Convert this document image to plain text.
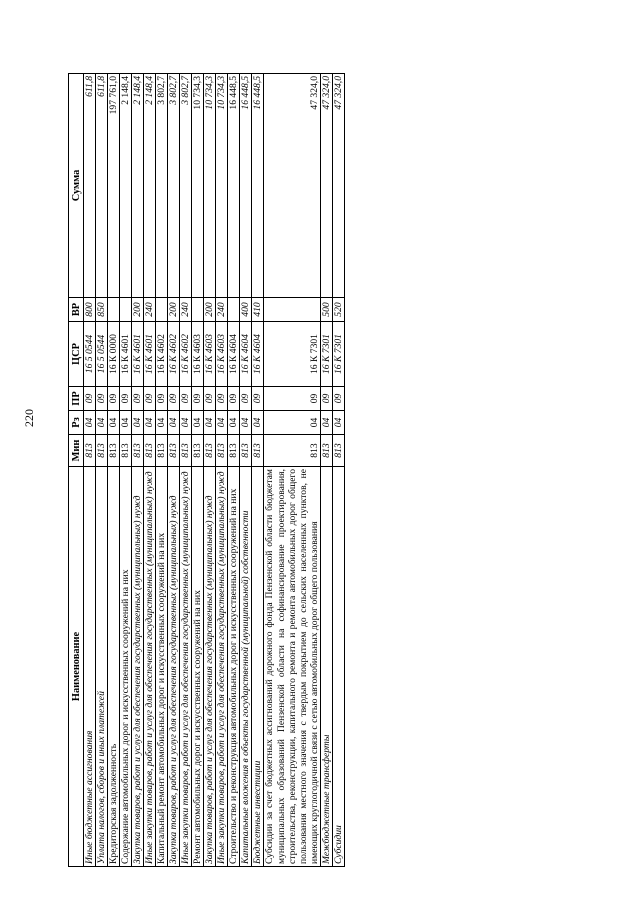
220
Наименование	Мин	Рз	ПР	ЦСР	ВР	Сумма
Иные бюджетные ассигнования	813	04	09	16 5 0544	800	611,8
Уплата налогов, сборов и иных платежей	813	04	09	16 5 0544	850	611,8
Кредиторская задолженность	813	04	09	16 К 0000		197 761,0
Содержание автомобильных дорог и искусственных сооружений на них	813	04	09	16 К 4601		2 148,4
Закупка товаров, работ и услуг для обеспечения государственных (муниципальных) нужд	813	04	09	16 К 4601	200	2 148,4
Иные закупки товаров, работ и услуг для обеспечения государственных (муниципальных) нужд	813	04	09	16 К 4601	240	2 148,4
Капитальный ремонт автомобильных дорог и искусственных сооружений на них	813	04	09	16 К 4602		3 802,7
Закупка товаров, работ и услуг для обеспечения государственных (муниципальных) нужд	813	04	09	16 К 4602	200	3 802,7
Иные закупки товаров, работ и услуг для обеспечения государственных (муниципальных) нужд	813	04	09	16 К 4602	240	3 802,7
Ремонт автомобильных дорог и искусственных сооружений на них	813	04	09	16 К 4603		10 734,3
Закупка товаров, работ и услуг для обеспечения государственных (муниципальных) нужд	813	04	09	16 К 4603	200	10 734,3
Иные закупки товаров, работ и услуг для обеспечения государственных (муниципальных) нужд	813	04	09	16 К 4603	240	10 734,3
Строительство и реконструкция автомобильных дорог и искусственных сооружений на них	813	04	09	16 К 4604		16 448,5
Капитальные вложения в объекты государственной (муниципальной) собственности	813	04	09	16 К 4604	400	16 448,5
Бюджетные инвестиции	813	04	09	16 К 4604	410	16 448,5
Субсидии за счет бюджетных ассигнований дорожного фонда Пензенской области бюджетам муниципальных образований Пензенской области на софинансирование проектирования, строительства, реконструкции, капитального ремонта и ремонта автомобильных дорог общего пользования местного значения с твердым покрытием до сельских населенных пунктов, не имеющих круглогодичной связи с сетью автомобильных дорог общего пользования	813	04	09	16 К 7301		47 324,0
Межбюджетные трансферты	813	04	09	16 К 7301	500	47 324,0
Субсидии	813	04	09	16 К 7301	520	47 324,0
